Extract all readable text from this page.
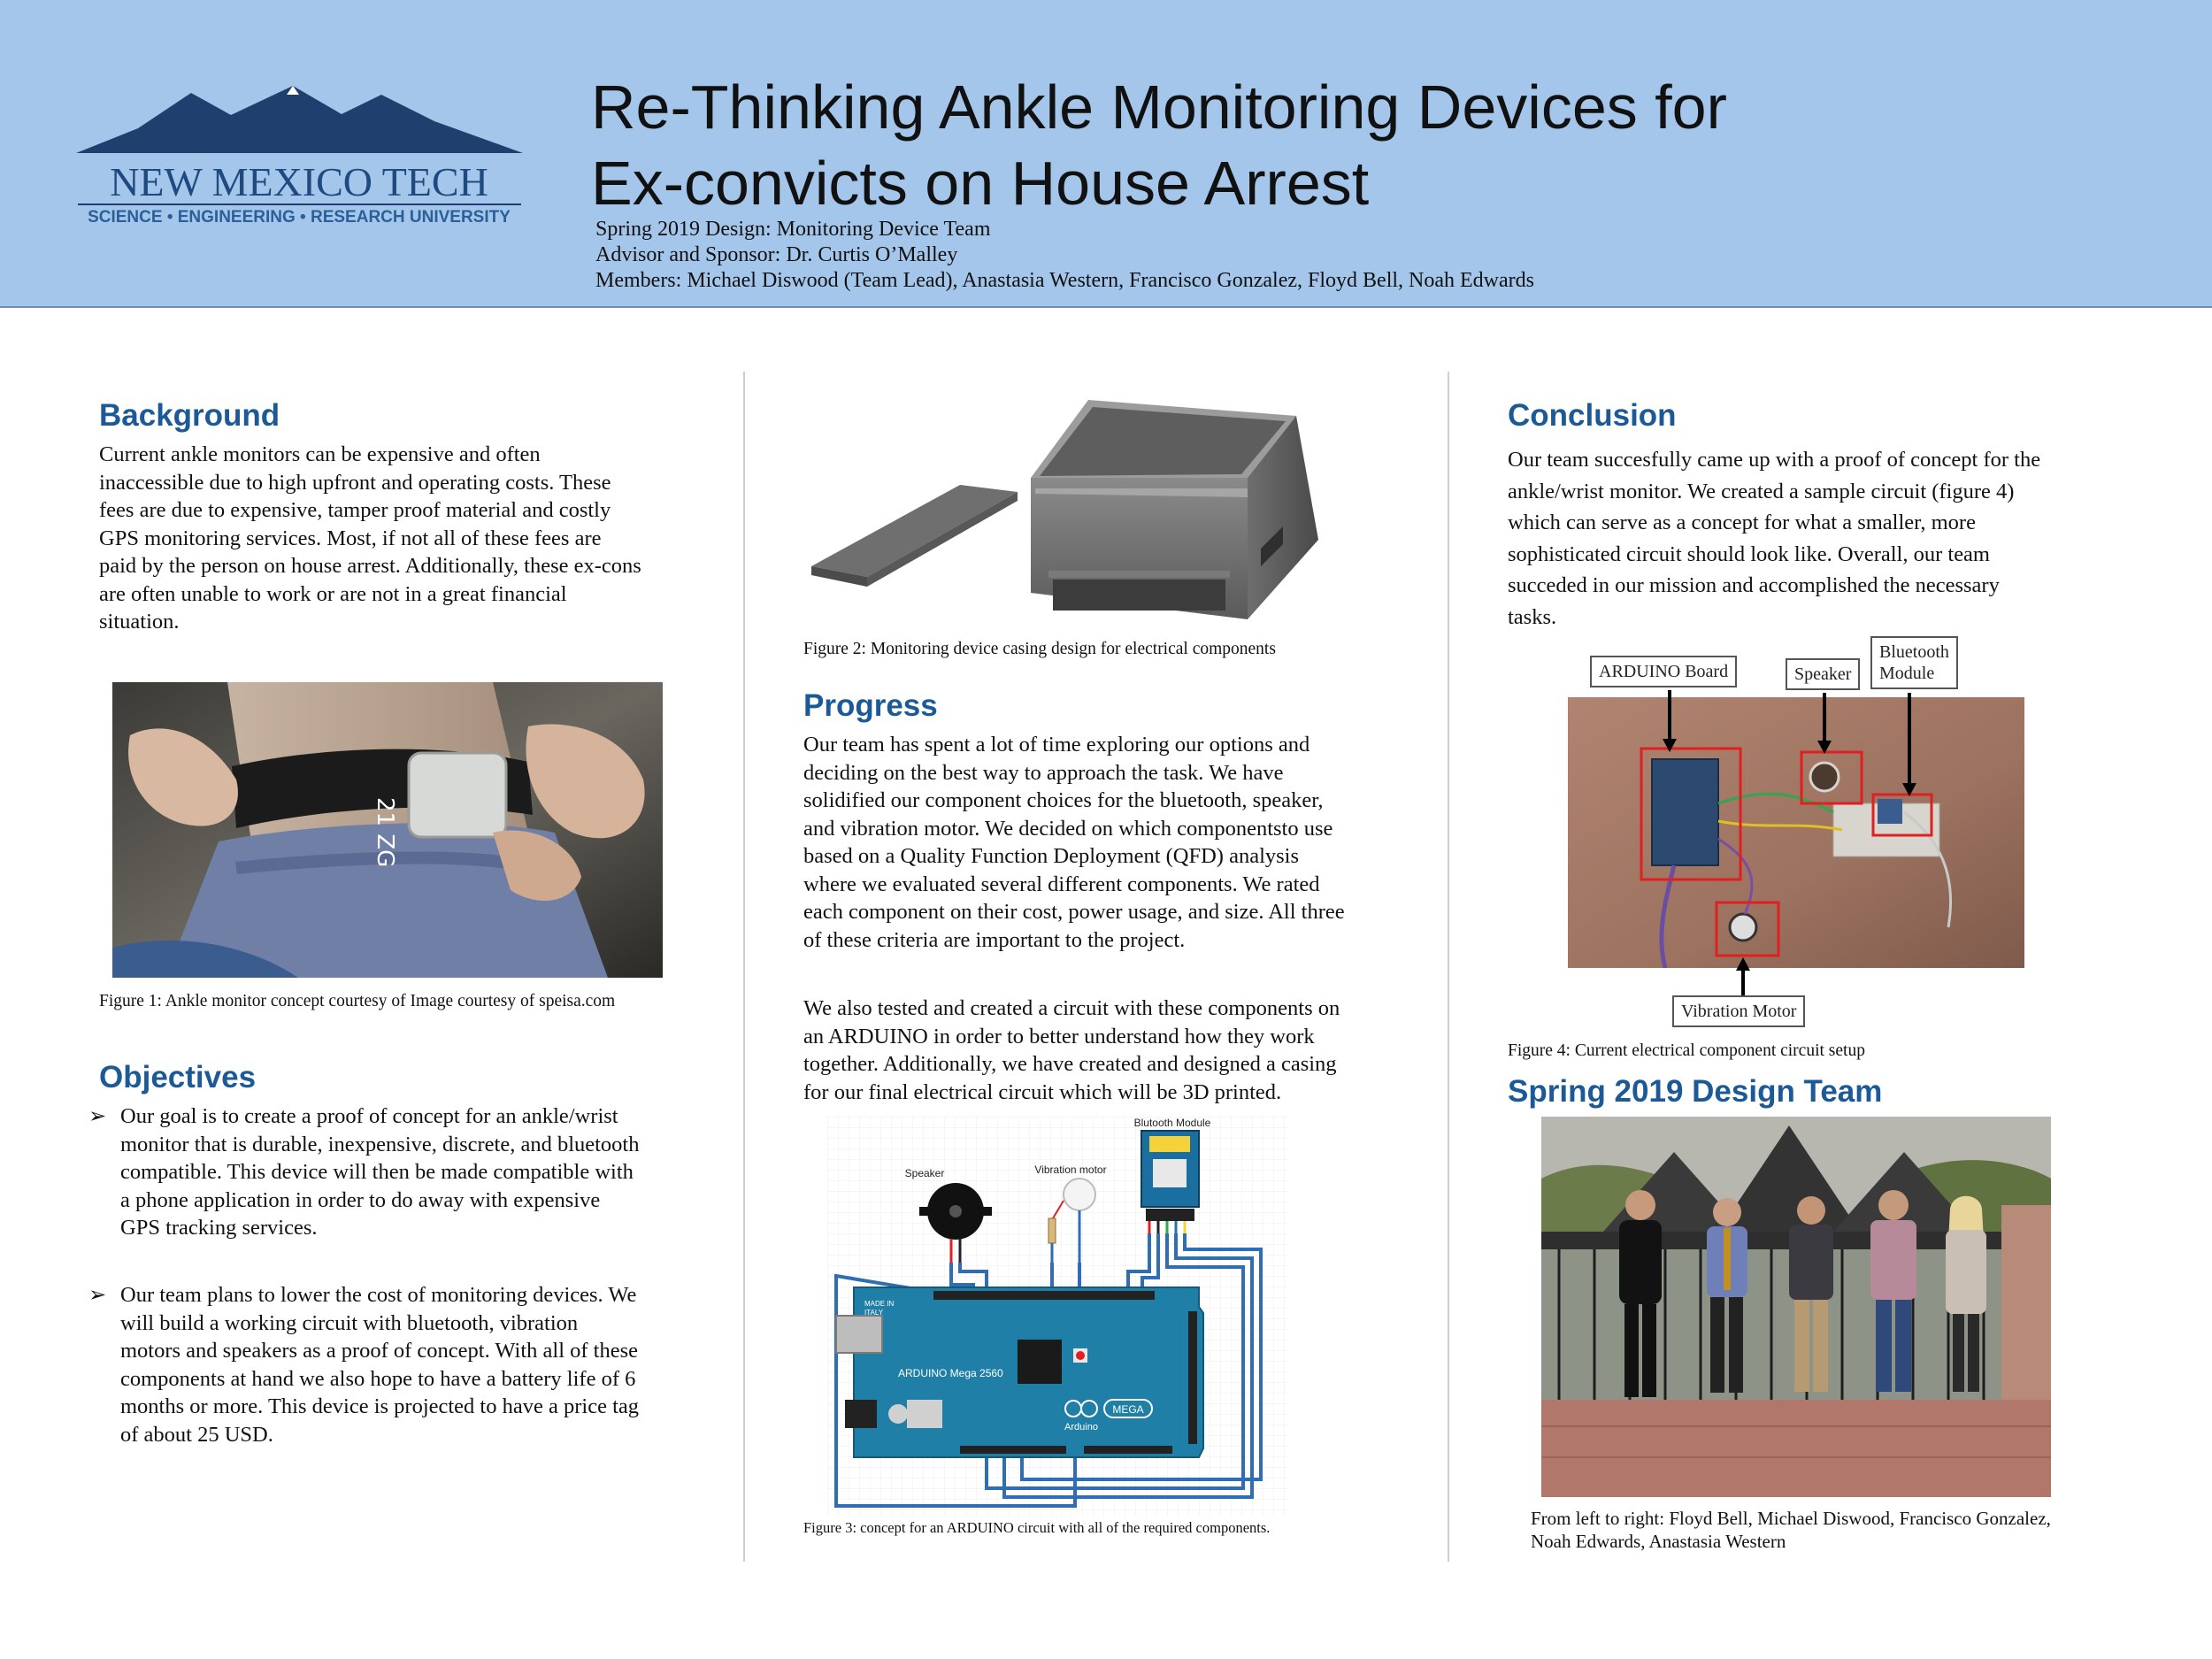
NEW MEXICO TECH
SCIENCE • ENGINEERING • RESEARCH UNIVERSITY
Re-Thinking Ankle Monitoring Devices for
Ex-convicts on House Arrest
Spring 2019 Design: Monitoring Device Team
Advisor and Sponsor: Dr. Curtis O’Malley
Members: Michael Diswood (Team Lead), Anastasia Western, Francisco Gonzalez, Floyd Bell, Noah Edwards
Background

Current ankle monitors can be expensive and often

inaccessible due to high upfront and operating costs. These

fees are due to expensive, tamper proof material and costly

GPS monitoring services. Most, if not all of these fees are

paid by the person on house arrest. Additionally, these ex-cons

are often unable to work or are not in a great financial

situation.

21 ZG

Figure 1: Ankle monitor concept courtesy of Image courtesy of speisa.com

Objectives
➢ Our goal is to create a proof of concept for an ankle/wrist
monitor that is durable, inexpensive, discrete, and bluetooth
compatible. This device will then be made compatible with
a phone application in order to do away with expensive
GPS tracking services.
➢ Our team plans to lower the cost of monitoring devices. We
will build a working circuit with bluetooth, vibration
motors and speakers as a proof of concept. With all of these
components at hand we also hope to have a battery life of 6
months or more. This device is projected to have a price tag
of about 25 USD.

Figure 2: Monitoring device casing design for electrical components

Progress

Our team has spent a lot of time exploring our options and

deciding on the best way to approach the task. We have

solidified our component choices for the bluetooth, speaker,

and vibration motor. We decided on which componentsto use

based on a Quality Function Deployment (QFD) analysis

where we evaluated several different components. We rated

each component on their cost, power usage, and size. All three

of these criteria are important to the project.

We also tested and created a circuit with these components on

an ARDUINO in order to better understand how they work

together. Additionally, we have created and designed a casing

for our final electrical circuit which will be 3D printed.

Blutooth Module
Speaker	Vibration motor
MADE IN
ITALY
ARDUINO Mega 2560
Arduino
MEGA

Figure 3: concept for an ARDUINO circuit with all of the required components.

Conclusion

Our team succesfully came up with a proof of concept for the

ankle/wrist monitor. We created a sample circuit (figure 4)

which can serve as a concept for what a smaller, more

sophisticated circuit should look like. Overall, our team

succeded in our mission and accomplished the necessary

tasks.

ARDUINO Board	Speaker
Bluetooth
Module
Vibration Motor

Figure 4: Current electrical component circuit setup

Spring 2019 Design Team

From left to right: Floyd Bell, Michael Diswood, Francisco Gonzalez,

Noah Edwards, Anastasia Western
